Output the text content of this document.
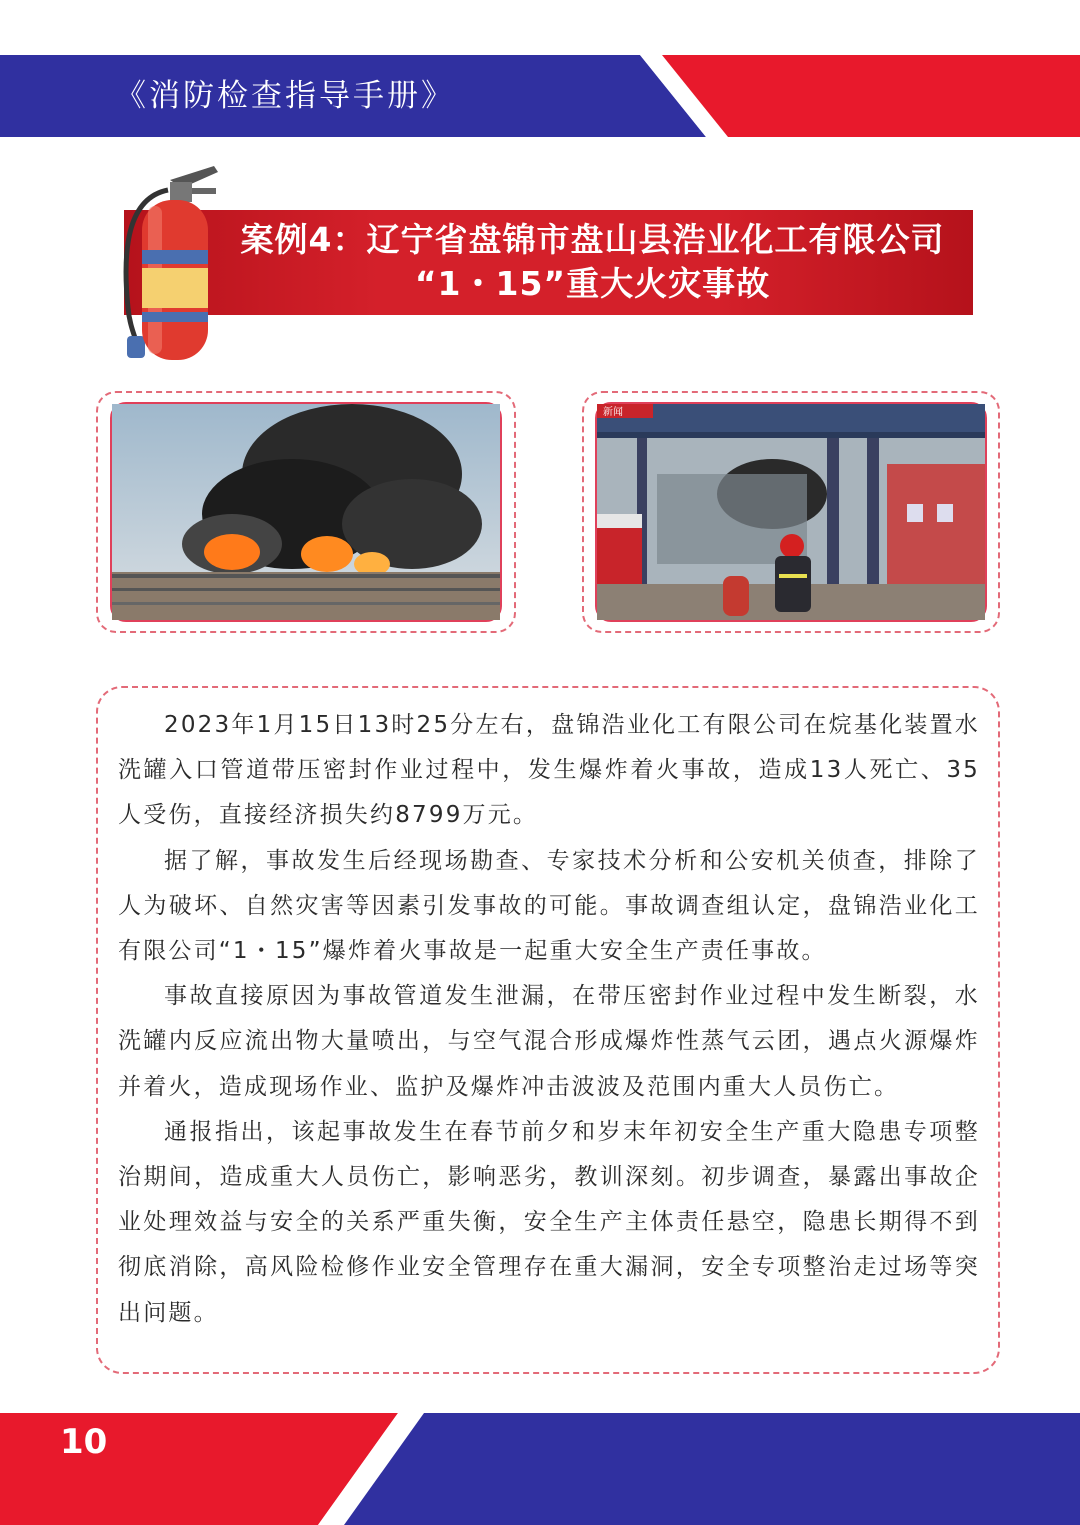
《消防检查指导手册》
案例4：辽宁省盘锦市盘山县浩业化工有限公司
“1・15”重大火灾事故
新闻

2023年1月15日13时25分左右，盘锦浩业化工有限公司在烷基化装置水洗罐入口管道带压密封作业过程中，发生爆炸着火事故，造成13人死亡、35人受伤，直接经济损失约8799万元。

据了解，事故发生后经现场勘查、专家技术分析和公安机关侦查，排除了人为破坏、自然灾害等因素引发事故的可能。事故调查组认定，盘锦浩业化工有限公司“1・15”爆炸着火事故是一起重大安全生产责任事故。

事故直接原因为事故管道发生泄漏，在带压密封作业过程中发生断裂，水洗罐内反应流出物大量喷出，与空气混合形成爆炸性蒸气云团，遇点火源爆炸并着火，造成现场作业、监护及爆炸冲击波波及范围内重大人员伤亡。

通报指出，该起事故发生在春节前夕和岁末年初安全生产重大隐患专项整治期间，造成重大人员伤亡，影响恶劣，教训深刻。初步调查，暴露出事故企业处理效益与安全的关系严重失衡，安全生产主体责任悬空，隐患长期得不到彻底消除，高风险检修作业安全管理存在重大漏洞，安全专项整治走过场等突出问题。
